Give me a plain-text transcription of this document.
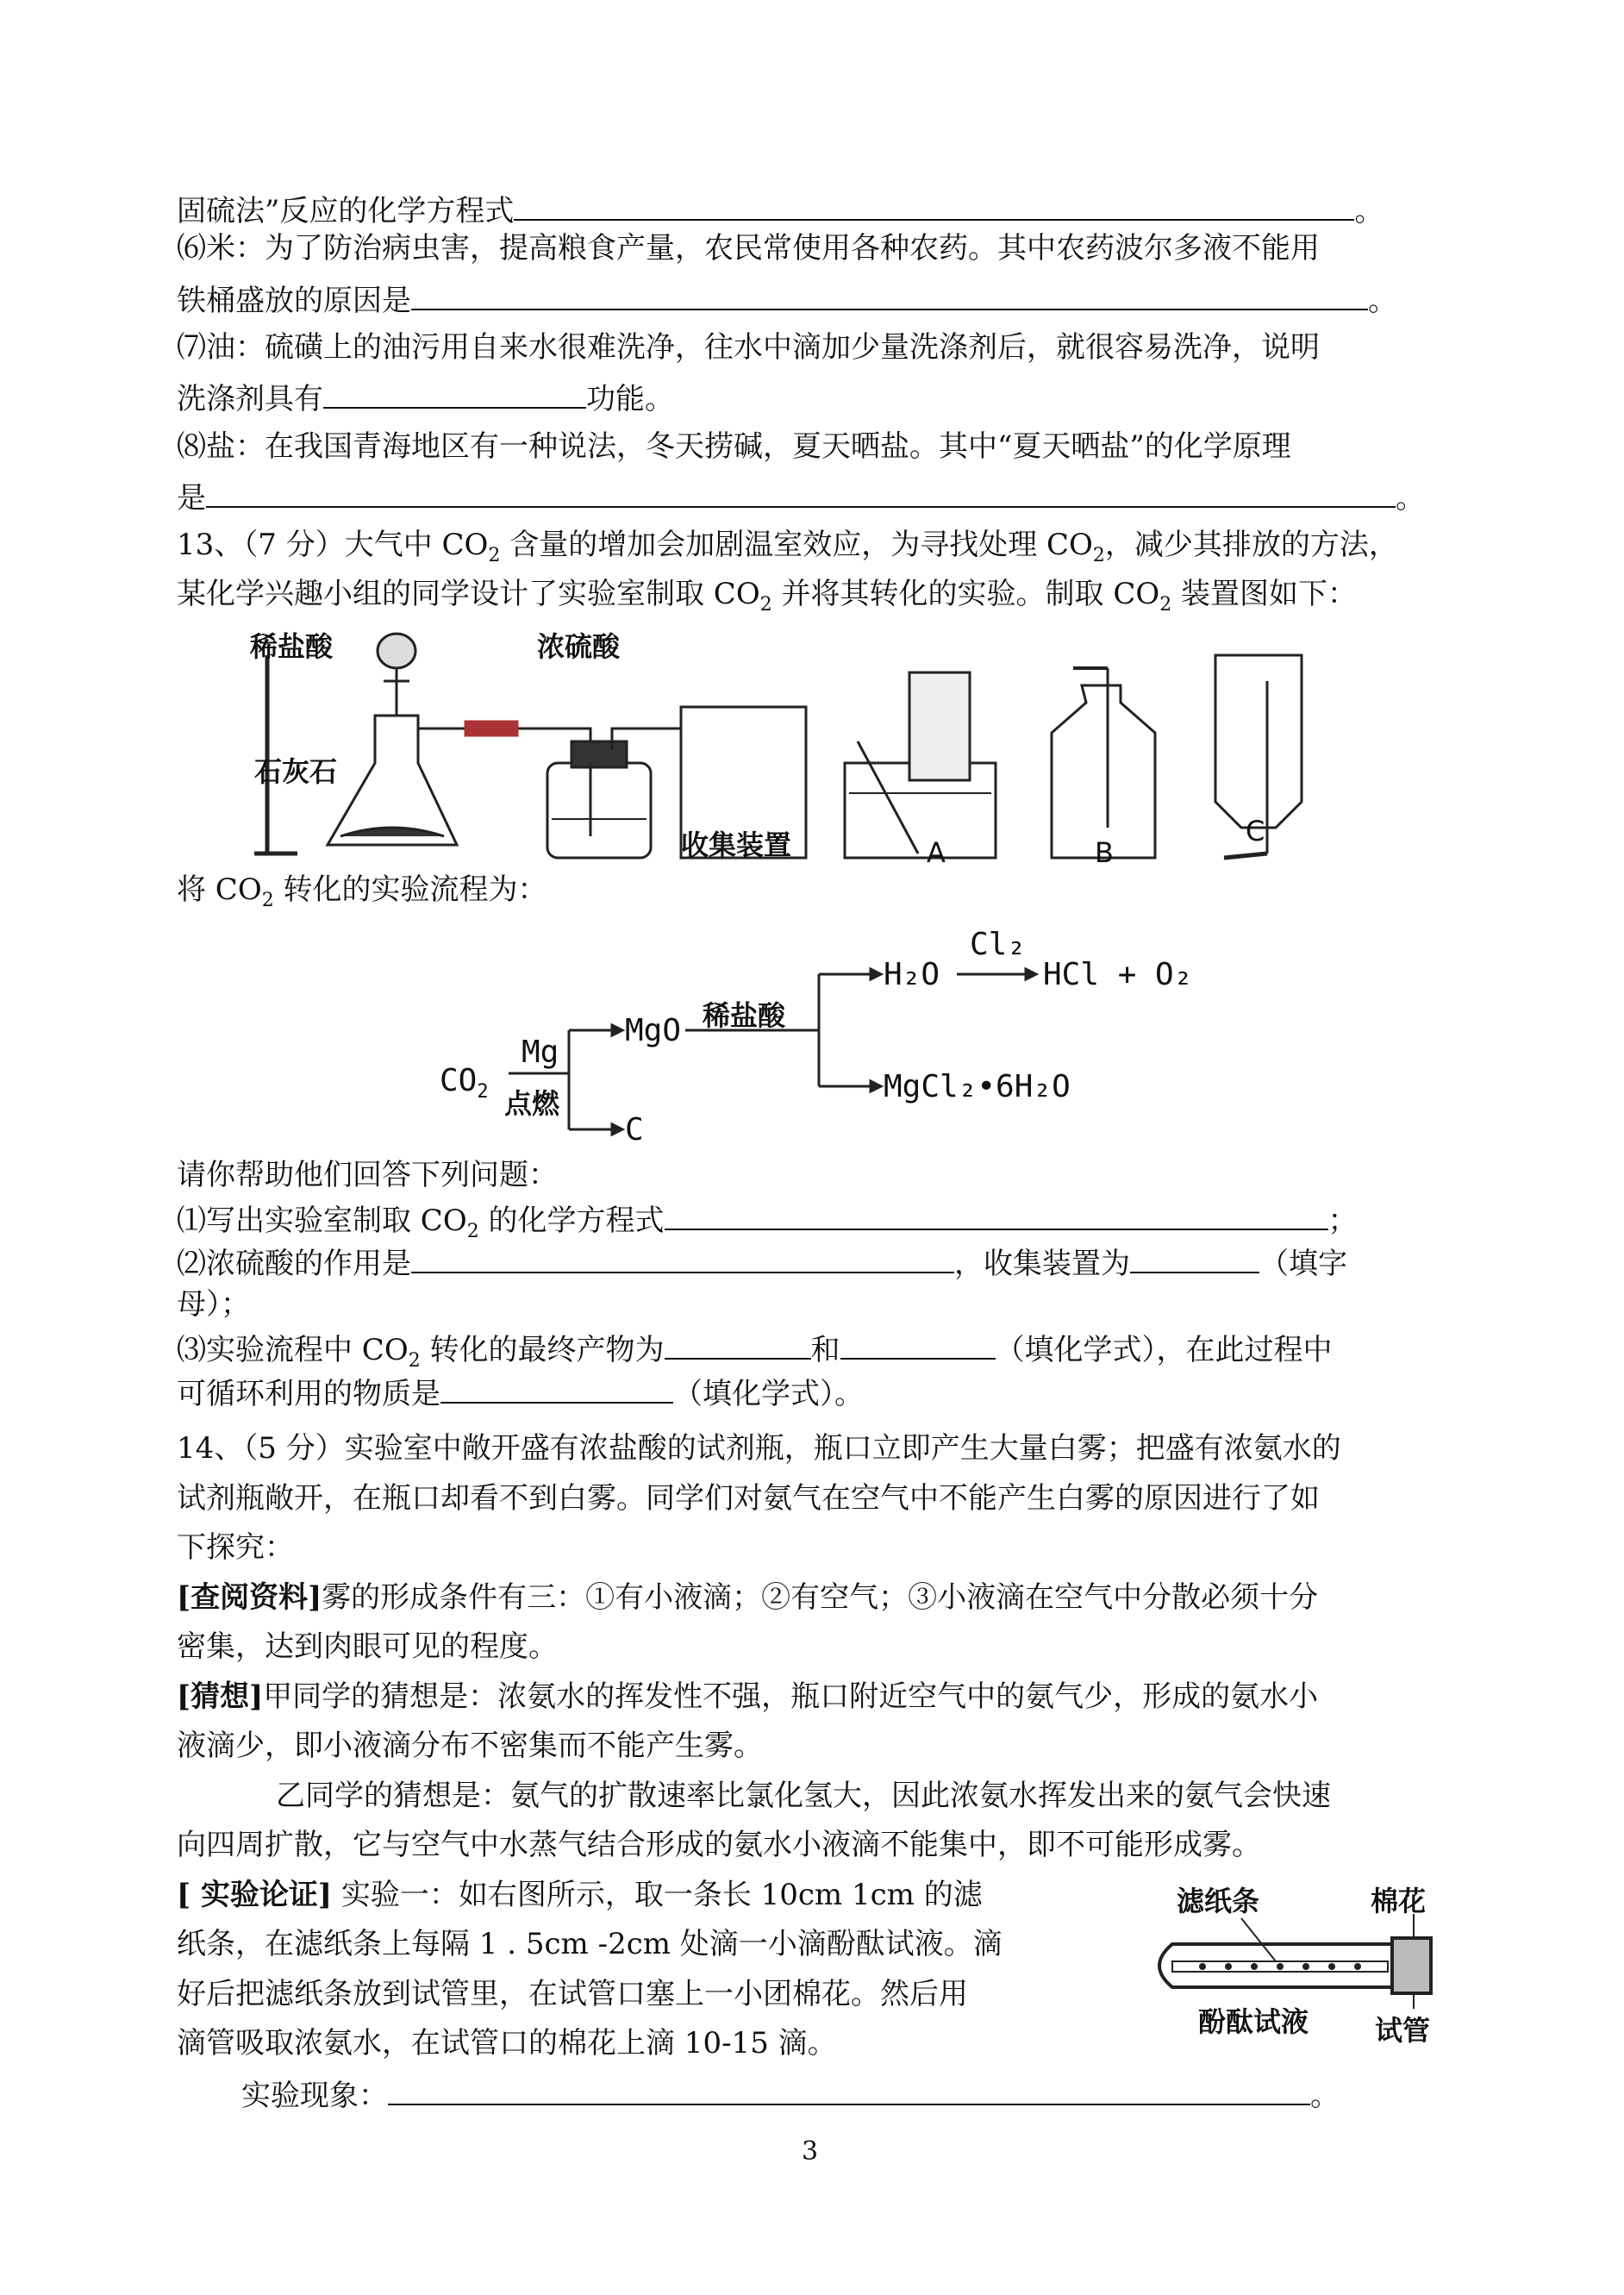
固硫法”反应的化学方程式	。
⑹米：为了防治病虫害，提高粮食产量，农民常使用各种农药。其中农药波尔多液不能用
铁桶盛放的原因是	。
⑺油：硫磺上的油污用自来水很难洗净，往水中滴加少量洗涤剂后，就很容易洗净，说明
洗涤剂具有	功能。
⑻盐：在我国青海地区有一种说法，冬天捞碱，夏天晒盐。其中“夏天晒盐”的化学原理
是	。
13、（7 分）大气中 $CO_2$ 含量的增加会加剧温室效应，为寻找处理 $CO_2$，减少其排放的方法，
某化学兴趣小组的同学设计了实验室制取 $CO_2$ 并将其转化的实验。制取 $CO_2$ 装置图如下：
稀盐酸	浓硫酸
石灰石
收集装置	A	B
C
将 $CO_2$ 转化的实验流程为：
$CO_2$
Mg
点燃
MgO
C
稀盐酸
H₂O
Cl₂
HCl + O₂
MgCl₂•6H₂O
请你帮助他们回答下列问题：
⑴写出实验室制取 $CO_2$ 的化学方程式	；
⑵浓硫酸的作用是	，收集装置为	（填字
母）；
⑶实验流程中 $CO_2$ 转化的最终产物为	和	（填化学式），在此过程中
可循环利用的物质是	（填化学式）。
14、（5 分）实验室中敞开盛有浓盐酸的试剂瓶，瓶口立即产生大量白雾；把盛有浓氨水的
试剂瓶敞开，在瓶口却看不到白雾。同学们对氨气在空气中不能产生白雾的原因进行了如
下探究：
[查阅资料]雾的形成条件有三：①有小液滴；②有空气；③小液滴在空气中分散必须十分
密集，达到肉眼可见的程度。
[猜想]甲同学的猜想是：浓氨水的挥发性不强，瓶口附近空气中的氨气少，形成的氨水小
液滴少，即小液滴分布不密集而不能产生雾。
乙同学的猜想是：氨气的扩散速率比氯化氢大，因此浓氨水挥发出来的氨气会快速
向四周扩散，它与空气中水蒸气结合形成的氨水小液滴不能集中，即不可能形成雾。
[ 实验论证] 实验一：如右图所示，取一条长 10cm 1cm 的滤
纸条，在滤纸条上每隔 1 . 5cm -2cm 处滴一小滴酚酞试液。滴
好后把滤纸条放到试管里，在试管口塞上一小团棉花。然后用
滴管吸取浓氨水，在试管口的棉花上滴 10-15 滴。
滤纸条	棉花
酚酞试液 试管
实验现象：	。
3
